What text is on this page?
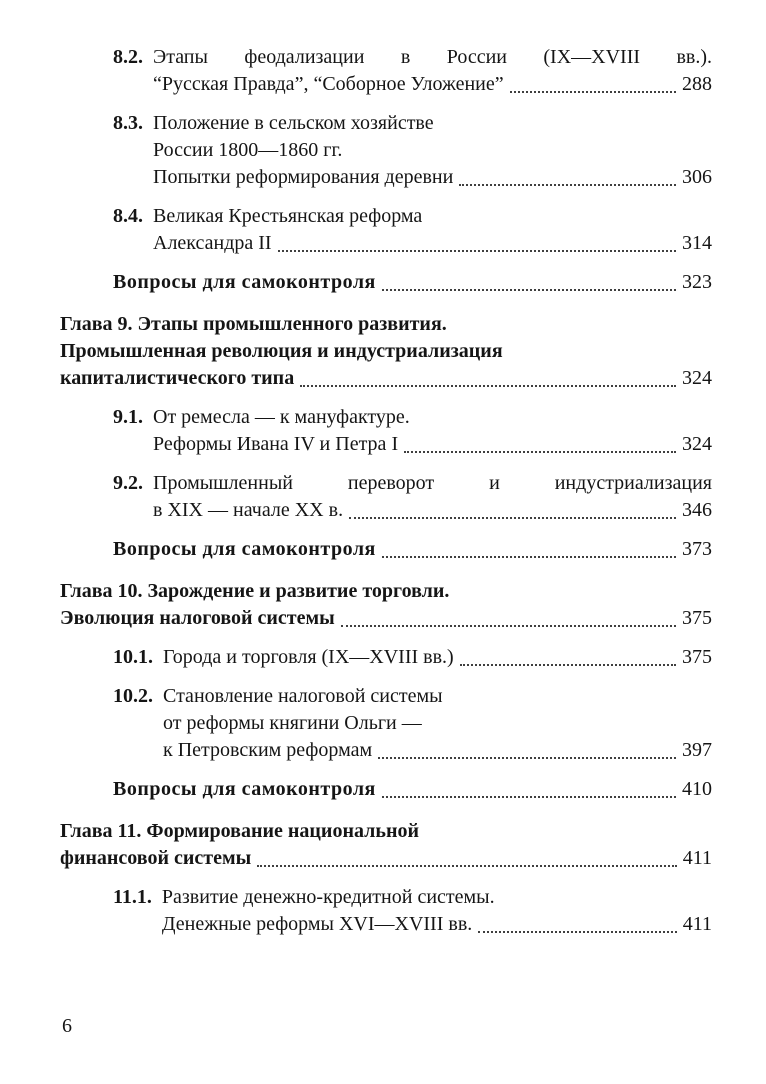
8.2. Этапы феодализации в России (IX—XVIII вв.).
“Русская Правда”, “Соборное Уложение”	288
8.3. Положение в сельском хозяйстве
России 1800—1860 гг.
Попытки реформирования деревни	306
8.4. Великая Крестьянская реформа
Александра II	314
Вопросы для самоконтроля	323
Глава 9. Этапы промышленного развития.
Промышленная революция и индустриализация
капиталистического типа	324
9.1. От ремесла — к мануфактуре.
Реформы Ивана IV и Петра I	324
9.2. Промышленный переворот и индустриализация
в XIX — начале XX в.	346
Вопросы для самоконтроля	373
Глава 10. Зарождение и развитие торговли.
Эволюция налоговой системы	375
10.1. Города и торговля (IX—XVIII вв.)	375
10.2. Становление налоговой системы
от реформы княгини Ольги —
к Петровским реформам	397
Вопросы для самоконтроля	410
Глава 11. Формирование национальной
финансовой системы	411
11.1. Развитие денежно-кредитной системы.
Денежные реформы XVI—XVIII вв.	411
6
